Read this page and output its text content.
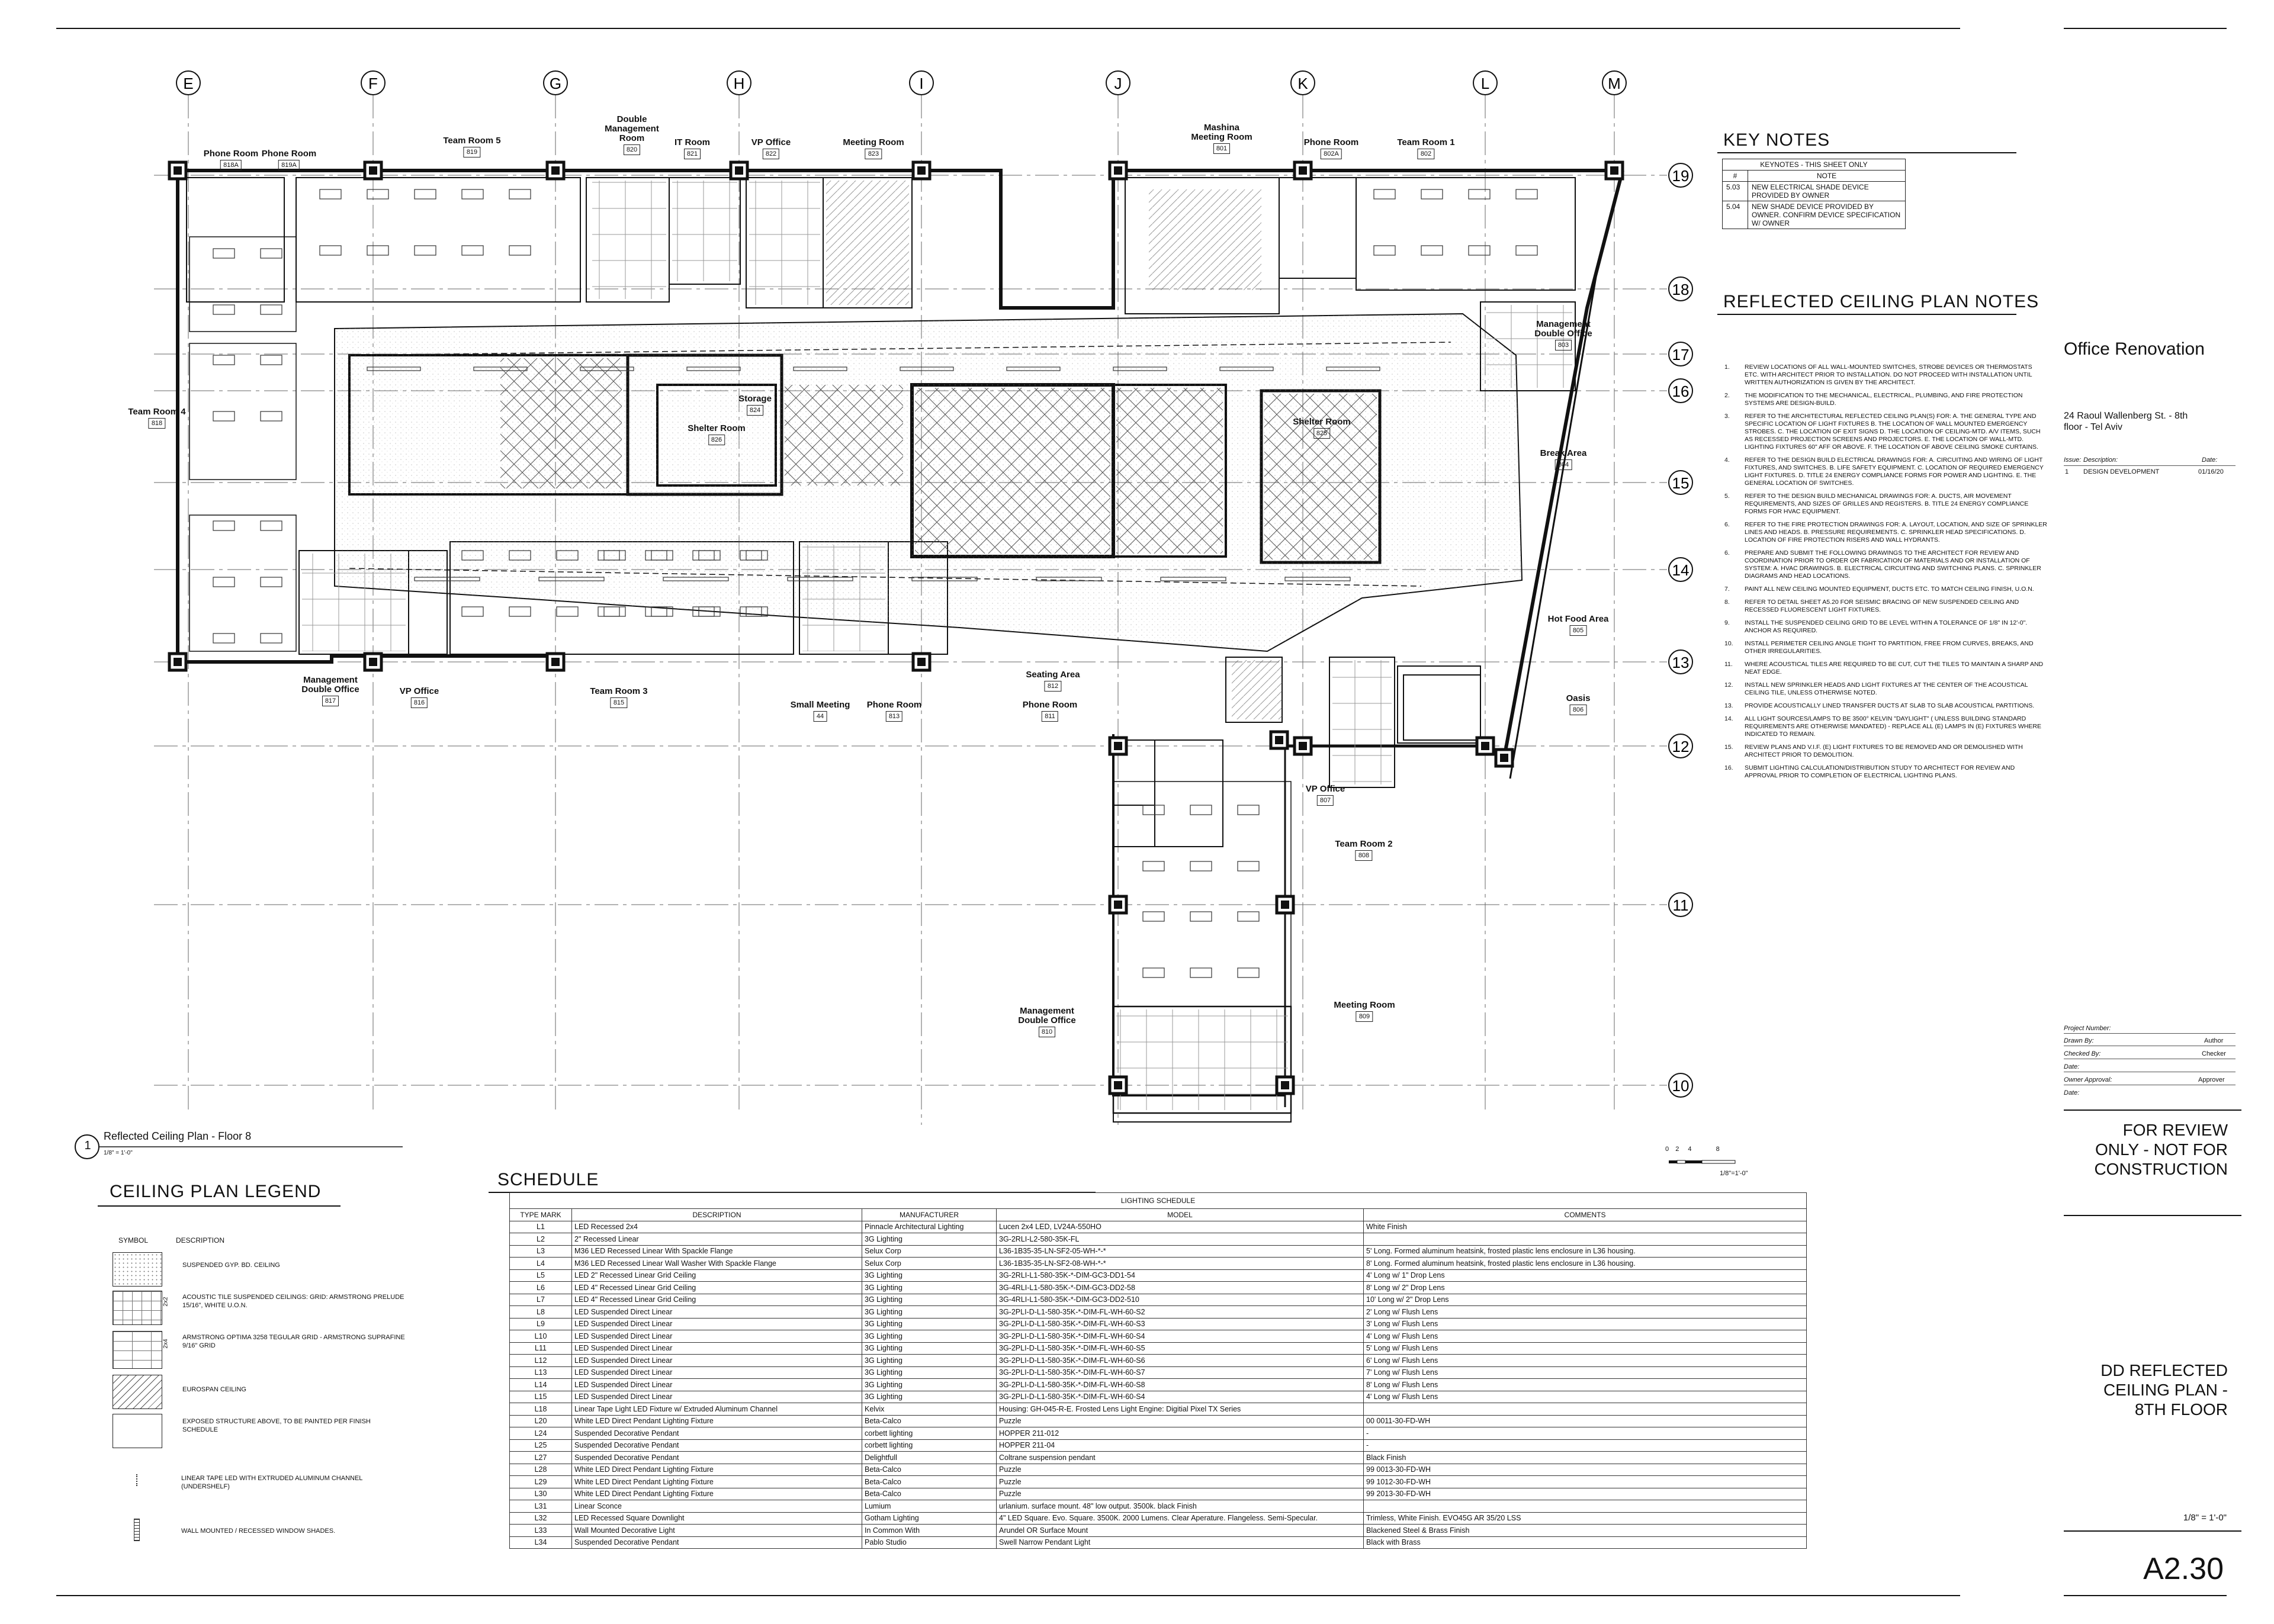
E	F	G	H	I	J	K	L	M
19
18
17
16
15
14
13
12
11
10
Phone Room
818A
Phone Room
819A
Team Room 5
819
Double Management Room
820
IT Room
821
VP Office
822
Meeting Room
823
Mashina Meeting Room
801
Phone Room
802A
Team Room 1
802
Management Double Office
803
Team Room 4
818
Storage
824
Shelter Room
826
Shelter Room
825
Break Area
804
Hot Food Area
805
Management Double Office
817
VP Office
816
Team Room 3
815	Small Meeting
44
Phone Room
813
Seating Area
812
Phone Room
811
Oasis
806
VP Office
807
Team Room 2
808
Management Double Office
810
Meeting Room
809
1
Reflected Ceiling Plan - Floor 8
1/8" = 1'-0"
0 2 4	8
1/8"=1'-0"
KEY NOTES
KEYNOTES - THIS SHEET ONLY	
#	NOTE
5.03	NEW ELECTRICAL SHADE DEVICE PROVIDED BY OWNER
5.04	NEW SHADE DEVICE PROVIDED BY OWNER. CONFIRM DEVICE SPECIFICATION W/ OWNER
REFLECTED CEILING PLAN NOTES
1.	REVIEW LOCATIONS OF ALL WALL-MOUNTED SWITCHES, STROBE DEVICES OR THERMOSTATS ETC. WITH ARCHITECT PRIOR TO INSTALLATION. DO NOT PROCEED WITH INSTALLATION UNTIL WRITTEN AUTHORIZATION IS GIVEN BY THE ARCHITECT.
2.	THE MODIFICATION TO THE MECHANICAL, ELECTRICAL, PLUMBING, AND FIRE PROTECTION SYSTEMS ARE DESIGN-BUILD.
3.	REFER TO THE ARCHITECTURAL REFLECTED CEILING PLAN(S) FOR: A. THE GENERAL TYPE AND SPECIFIC LOCATION OF LIGHT FIXTURES B. THE LOCATION OF WALL MOUNTED EMERGENCY STROBES. C. THE LOCATION OF EXIT SIGNS D. THE LOCATION OF CEILING-MTD. A/V ITEMS, SUCH AS RECESSED PROJECTION SCREENS AND PROJECTORS. E. THE LOCATION OF WALL-MTD. LIGHTING FIXTURES 60" AFF OR ABOVE. F. THE LOCATION OF ABOVE CEILING SMOKE CURTAINS.
4.	REFER TO THE DESIGN BUILD ELECTRICAL DRAWINGS FOR: A. CIRCUITING AND WIRING OF LIGHT FIXTURES, AND SWITCHES. B. LIFE SAFETY EQUIPMENT. C. LOCATION OF REQUIRED EMERGENCY LIGHT FIXTURES. D. TITLE 24 ENERGY COMPLIANCE FORMS FOR POWER AND LIGHTING. E. THE GENERAL LOCATION OF SWITCHES.
5.	REFER TO THE DESIGN BUILD MECHANICAL DRAWINGS FOR: A. DUCTS, AIR MOVEMENT REQUIREMENTS, AND SIZES OF GRILLES AND REGISTERS. B. TITLE 24 ENERGY COMPLIANCE FORMS FOR HVAC EQUIPMENT.
6.	REFER TO THE FIRE PROTECTION DRAWINGS FOR: A. LAYOUT, LOCATION, AND SIZE OF SPRINKLER LINES AND HEADS. B. PRESSURE REQUIREMENTS. C. SPRINKLER HEAD SPECIFICATIONS. D. LOCATION OF FIRE PROTECTION RISERS AND WALL HYDRANTS.
6.	PREPARE AND SUBMIT THE FOLLOWING DRAWINGS TO THE ARCHITECT FOR REVIEW AND COORDINATION PRIOR TO ORDER OR FABRICATION OF MATERIALS AND OR INSTALLATION OF SYSTEM: A. HVAC DRAWINGS. B. ELECTRICAL CIRCUITING AND SWITCHING PLANS. C. SPRINKLER DIAGRAMS AND HEAD LOCATIONS.
7.	PAINT ALL NEW CEILING MOUNTED EQUIPMENT, DUCTS ETC. TO MATCH CEILING FINISH, U.O.N.
8.	REFER TO DETAIL SHEET A5.20 FOR SEISMIC BRACING OF NEW SUSPENDED CEILING AND RECESSED FLUORESCENT LIGHT FIXTURES.
9.	INSTALL THE SUSPENDED CEILING GRID TO BE LEVEL WITHIN A TOLERANCE OF 1/8" IN 12'-0". ANCHOR AS REQUIRED.
10.	INSTALL PERIMETER CEILING ANGLE TIGHT TO PARTITION, FREE FROM CURVES, BREAKS, AND OTHER IRREGULARITIES.
11.	WHERE ACOUSTICAL TILES ARE REQUIRED TO BE CUT, CUT THE TILES TO MAINTAIN A SHARP AND NEAT EDGE.
12.	INSTALL NEW SPRINKLER HEADS AND LIGHT FIXTURES AT THE CENTER OF THE ACOUSTICAL CEILING TILE, UNLESS OTHERWISE NOTED.
13.	PROVIDE ACOUSTICALLY LINED TRANSFER DUCTS AT SLAB TO SLAB ACOUSTICAL PARTITIONS.
14.	ALL LIGHT SOURCES/LAMPS TO BE 3500° KELVIN "DAYLIGHT" ( UNLESS BUILDING STANDARD REQUIREMENTS ARE OTHERWISE MANDATED) - REPLACE ALL (E) LAMPS IN (E) FIXTURES WHERE INDICATED TO REMAIN.
15.	REVIEW PLANS AND V.I.F. (E) LIGHT FIXTURES TO BE REMOVED AND OR DEMOLISHED WITH ARCHITECT PRIOR TO DEMOLITION.
16.	SUBMIT LIGHTING CALCULATION/DISTRIBUTION STUDY TO ARCHITECT FOR REVIEW AND APPROVAL PRIOR TO COMPLETION OF ELECTRICAL LIGHTING PLANS.
CEILING PLAN LEGEND
SYMBOL	DESCRIPTION
SUSPENDED GYP. BD. CEILING
ACOUSTIC TILE SUSPENDED CEILINGS: GRID: ARMSTRONG PRELUDE 15/16", WHITE U.O.N.
2x2
ARMSTRONG OPTIMA 3258 TEGULAR GRID - ARMSTRONG SUPRAFINE 9/16" GRID
2x4
EUROSPAN CEILING
EXPOSED STRUCTURE ABOVE, TO BE PAINTED PER FINISH SCHEDULE
LINEAR TAPE LED WITH EXTRUDED ALUMINUM CHANNEL (UNDERSHELF)
WALL MOUNTED / RECESSED WINDOW SHADES.
SCHEDULE
LIGHTING SCHEDULE				
TYPE MARK	DESCRIPTION	MANUFACTURER	MODEL	COMMENTS
L1	LED Recessed 2x4	Pinnacle Architectural Lighting	Lucen 2x4 LED, LV24A-550HO	White Finish
L2	2" Recessed Linear	3G Lighting	3G-2RLI-L2-580-35K-FL	
L3	M36 LED Recessed Linear With Spackle Flange	Selux Corp	L36-1B35-35-LN-SF2-05-WH-*-*	5' Long. Formed aluminum heatsink, frosted plastic lens enclosure in L36 housing.
L4	M36 LED Recessed Linear Wall Washer With Spackle Flange	Selux Corp	L36-1B35-35-LN-SF2-08-WH-*-*	8' Long. Formed aluminum heatsink, frosted plastic lens enclosure in L36 housing.
L5	LED 2" Recessed Linear Grid Ceiling	3G Lighting	3G-2RLI-L1-580-35K-*-DIM-GC3-DD1-54	4' Long w/ 1" Drop Lens
L6	LED 4" Recessed Linear Grid Ceiling	3G Lighting	3G-4RLI-L1-580-35K-*-DIM-GC3-DD2-58	8' Long w/ 2" Drop Lens
L7	LED 4" Recessed Linear Grid Ceiling	3G Lighting	3G-4RLI-L1-580-35K-*-DIM-GC3-DD2-510	10' Long w/ 2" Drop Lens
L8	LED Suspended Direct Linear	3G Lighting	3G-2PLI-D-L1-580-35K-*-DIM-FL-WH-60-S2	2' Long w/ Flush Lens
L9	LED Suspended Direct Linear	3G Lighting	3G-2PLI-D-L1-580-35K-*-DIM-FL-WH-60-S3	3' Long w/ Flush Lens
L10	LED Suspended Direct Linear	3G Lighting	3G-2PLI-D-L1-580-35K-*-DIM-FL-WH-60-S4	4' Long w/ Flush Lens
L11	LED Suspended Direct Linear	3G Lighting	3G-2PLI-D-L1-580-35K-*-DIM-FL-WH-60-S5	5' Long w/ Flush Lens
L12	LED Suspended Direct Linear	3G Lighting	3G-2PLI-D-L1-580-35K-*-DIM-FL-WH-60-S6	6' Long w/ Flush Lens
L13	LED Suspended Direct Linear	3G Lighting	3G-2PLI-D-L1-580-35K-*-DIM-FL-WH-60-S7	7' Long w/ Flush Lens
L14	LED Suspended Direct Linear	3G Lighting	3G-2PLI-D-L1-580-35K-*-DIM-FL-WH-60-S8	8' Long w/ Flush Lens
L15	LED Suspended Direct Linear	3G Lighting	3G-2PLI-D-L1-580-35K-*-DIM-FL-WH-60-S4	4' Long w/ Flush Lens
L18	Linear Tape Light LED Fixture w/ Extruded Aluminum Channel	Kelvix	Housing: GH-045-R-E. Frosted Lens Light Engine: Digitial Pixel TX Series	
L20	White LED Direct Pendant Lighting Fixture	Beta-Calco	Puzzle	00 0011-30-FD-WH
L24	Suspended Decorative Pendant	corbett lighting	HOPPER 211-012	-
L25	Suspended Decorative Pendant	corbett lighting	HOPPER 211-04	-
L27	Suspended Decorative Pendant	Delightfull	Coltrane suspension pendant	Black Finish
L28	White LED Direct Pendant Lighting Fixture	Beta-Calco	Puzzle	99 0013-30-FD-WH
L29	White LED Direct Pendant Lighting Fixture	Beta-Calco	Puzzle	99 1012-30-FD-WH
L30	White LED Direct Pendant Lighting Fixture	Beta-Calco	Puzzle	99 2013-30-FD-WH
L31	Linear Sconce	Lumium	urlanium. surface mount. 48" low output. 3500k. black Finish	
L32	LED Recessed Square Downlight	Gotham Lighting	4" LED Square. Evo. Square. 3500K. 2000 Lumens. Clear Aperature. Flangeless. Semi-Specular.	Trimless, White Finish. EVO45G AR 35/20 LSS
L33	Wall Mounted Decorative Light	In Common With	Arundel OR Surface Mount	Blackened Steel & Brass Finish
L34	Suspended Decorative Pendant	Pablo Studio	Swell Narrow Pendant Light	Black with Brass
Office Renovation
24 Raoul Wallenberg St. - 8th floor - Tel Aviv
Issue: Description:	Date:
1 DESIGN DEVELOPMENT	01/16/20
Project Number:
Drawn By:	Author
Checked By:	Checker
Date:
Owner Approval:	Approver
Date:
FOR REVIEW ONLY - NOT FOR CONSTRUCTION
DD REFLECTED CEILING PLAN - 8TH FLOOR
1/8" = 1'-0"
A2.30
